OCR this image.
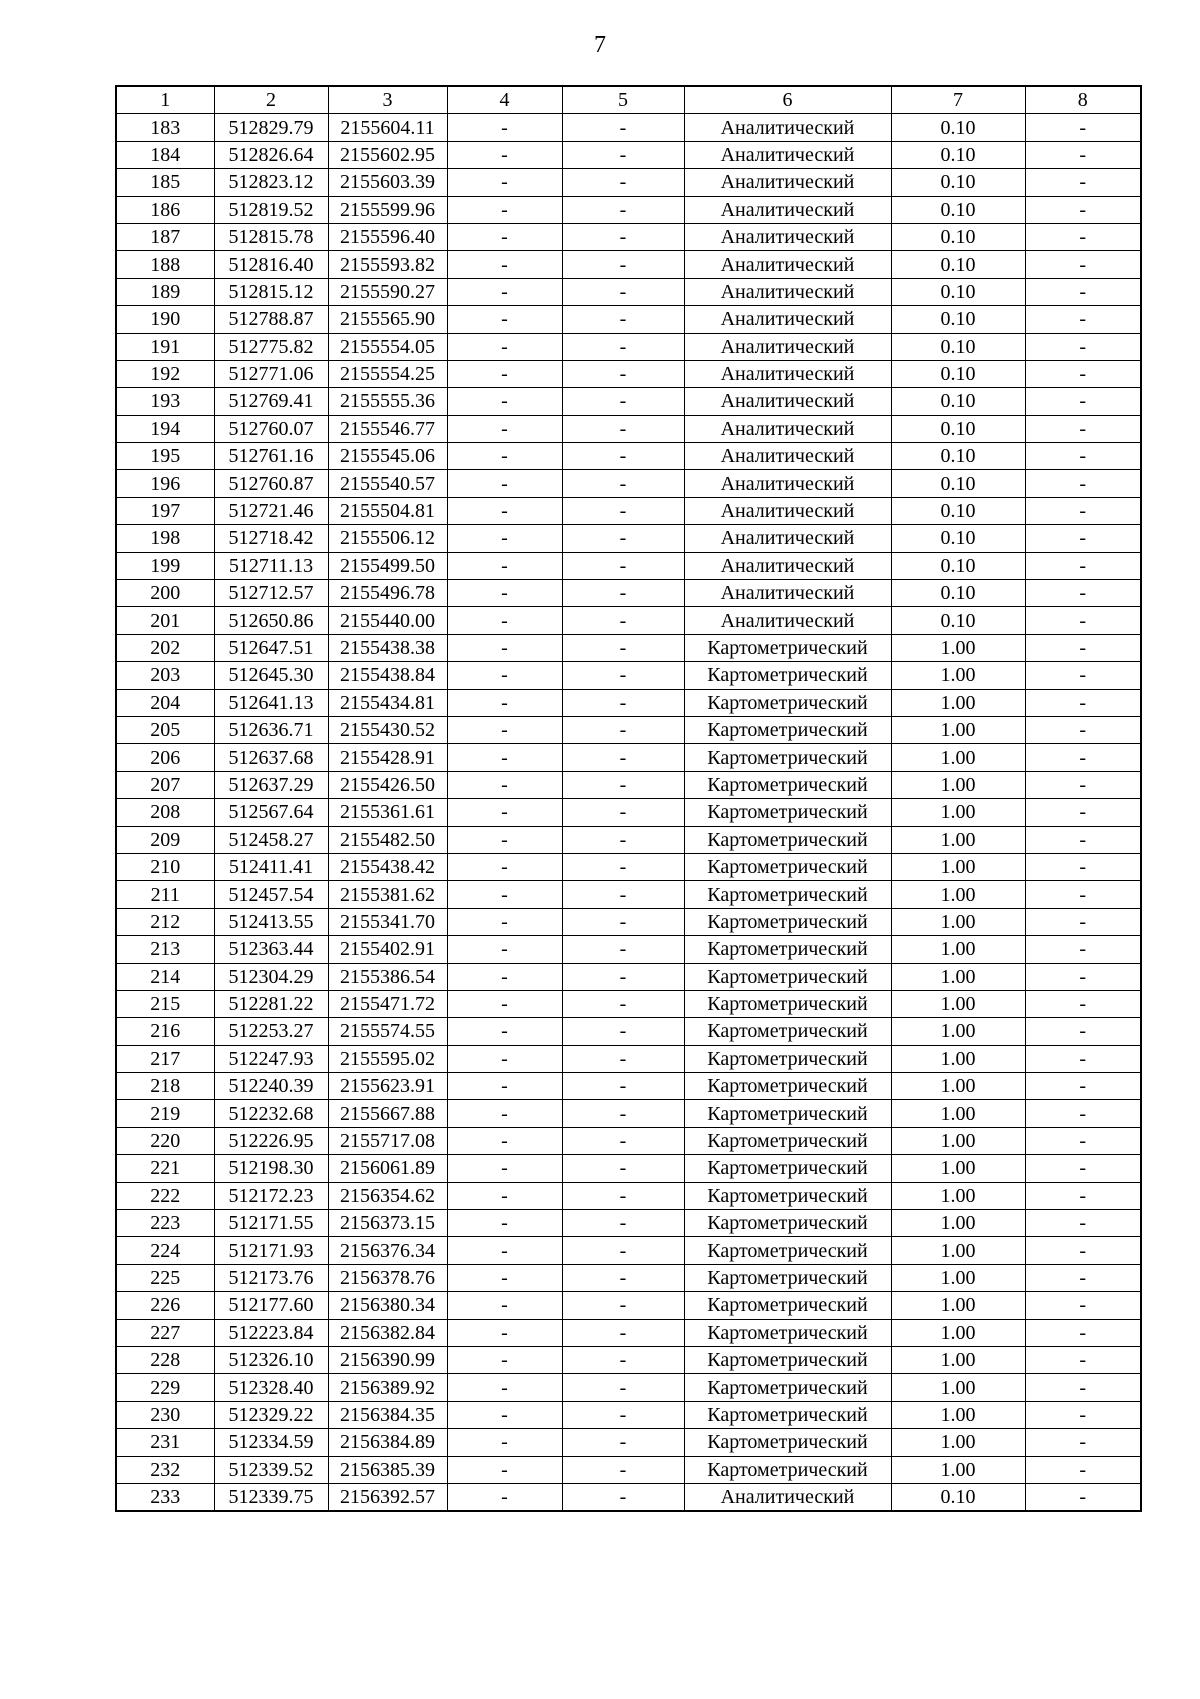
7
1	2	3	4	5	6	7	8
183	512829.79	2155604.11	-	-	Аналитический	0.10	-
184	512826.64	2155602.95	-	-	Аналитический	0.10	-
185	512823.12	2155603.39	-	-	Аналитический	0.10	-
186	512819.52	2155599.96	-	-	Аналитический	0.10	-
187	512815.78	2155596.40	-	-	Аналитический	0.10	-
188	512816.40	2155593.82	-	-	Аналитический	0.10	-
189	512815.12	2155590.27	-	-	Аналитический	0.10	-
190	512788.87	2155565.90	-	-	Аналитический	0.10	-
191	512775.82	2155554.05	-	-	Аналитический	0.10	-
192	512771.06	2155554.25	-	-	Аналитический	0.10	-
193	512769.41	2155555.36	-	-	Аналитический	0.10	-
194	512760.07	2155546.77	-	-	Аналитический	0.10	-
195	512761.16	2155545.06	-	-	Аналитический	0.10	-
196	512760.87	2155540.57	-	-	Аналитический	0.10	-
197	512721.46	2155504.81	-	-	Аналитический	0.10	-
198	512718.42	2155506.12	-	-	Аналитический	0.10	-
199	512711.13	2155499.50	-	-	Аналитический	0.10	-
200	512712.57	2155496.78	-	-	Аналитический	0.10	-
201	512650.86	2155440.00	-	-	Аналитический	0.10	-
202	512647.51	2155438.38	-	-	Картометрический	1.00	-
203	512645.30	2155438.84	-	-	Картометрический	1.00	-
204	512641.13	2155434.81	-	-	Картометрический	1.00	-
205	512636.71	2155430.52	-	-	Картометрический	1.00	-
206	512637.68	2155428.91	-	-	Картометрический	1.00	-
207	512637.29	2155426.50	-	-	Картометрический	1.00	-
208	512567.64	2155361.61	-	-	Картометрический	1.00	-
209	512458.27	2155482.50	-	-	Картометрический	1.00	-
210	512411.41	2155438.42	-	-	Картометрический	1.00	-
211	512457.54	2155381.62	-	-	Картометрический	1.00	-
212	512413.55	2155341.70	-	-	Картометрический	1.00	-
213	512363.44	2155402.91	-	-	Картометрический	1.00	-
214	512304.29	2155386.54	-	-	Картометрический	1.00	-
215	512281.22	2155471.72	-	-	Картометрический	1.00	-
216	512253.27	2155574.55	-	-	Картометрический	1.00	-
217	512247.93	2155595.02	-	-	Картометрический	1.00	-
218	512240.39	2155623.91	-	-	Картометрический	1.00	-
219	512232.68	2155667.88	-	-	Картометрический	1.00	-
220	512226.95	2155717.08	-	-	Картометрический	1.00	-
221	512198.30	2156061.89	-	-	Картометрический	1.00	-
222	512172.23	2156354.62	-	-	Картометрический	1.00	-
223	512171.55	2156373.15	-	-	Картометрический	1.00	-
224	512171.93	2156376.34	-	-	Картометрический	1.00	-
225	512173.76	2156378.76	-	-	Картометрический	1.00	-
226	512177.60	2156380.34	-	-	Картометрический	1.00	-
227	512223.84	2156382.84	-	-	Картометрический	1.00	-
228	512326.10	2156390.99	-	-	Картометрический	1.00	-
229	512328.40	2156389.92	-	-	Картометрический	1.00	-
230	512329.22	2156384.35	-	-	Картометрический	1.00	-
231	512334.59	2156384.89	-	-	Картометрический	1.00	-
232	512339.52	2156385.39	-	-	Картометрический	1.00	-
233	512339.75	2156392.57	-	-	Аналитический	0.10	-
